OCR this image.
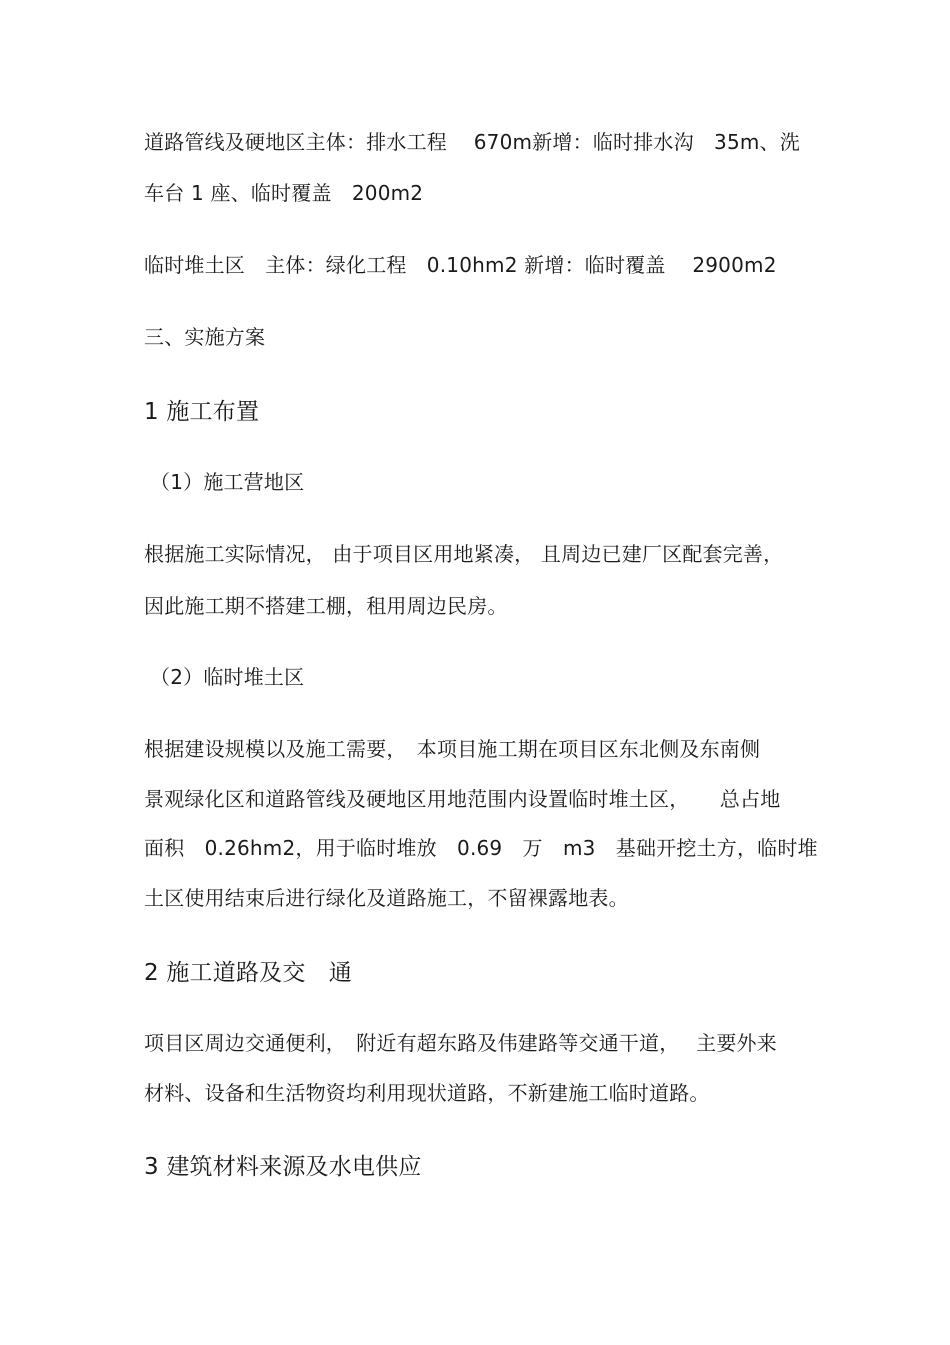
道路管线及硬地区主体：排水工程　 670m新增：临时排水沟　35m、洗
车台 1 座、临时覆盖　200m2
临时堆土区　主体：绿化工程　0.10hm2 新增：临时覆盖　 2900m2
三、实施方案
1 施工布置
（1）施工营地区
根据施工实际情况， 由于项目区用地紧凑， 且周边已建厂区配套完善，
因此施工期不搭建工棚，租用周边民房。
（2）临时堆土区
根据建设规模以及施工需要，　本项目施工期在项目区东北侧及东南侧
景观绿化区和道路管线及硬地区用地范围内设置临时堆土区，　　总占地
面积　0.26hm2，用于临时堆放　0.69　万　m3　基础开挖土方，临时堆
土区使用结束后进行绿化及道路施工，不留裸露地表。
2 施工道路及交　通
项目区周边交通便利，　附近有超东路及伟建路等交通干道，　 主要外来
材料、设备和生活物资均利用现状道路，不新建施工临时道路。
3 建筑材料来源及水电供应
